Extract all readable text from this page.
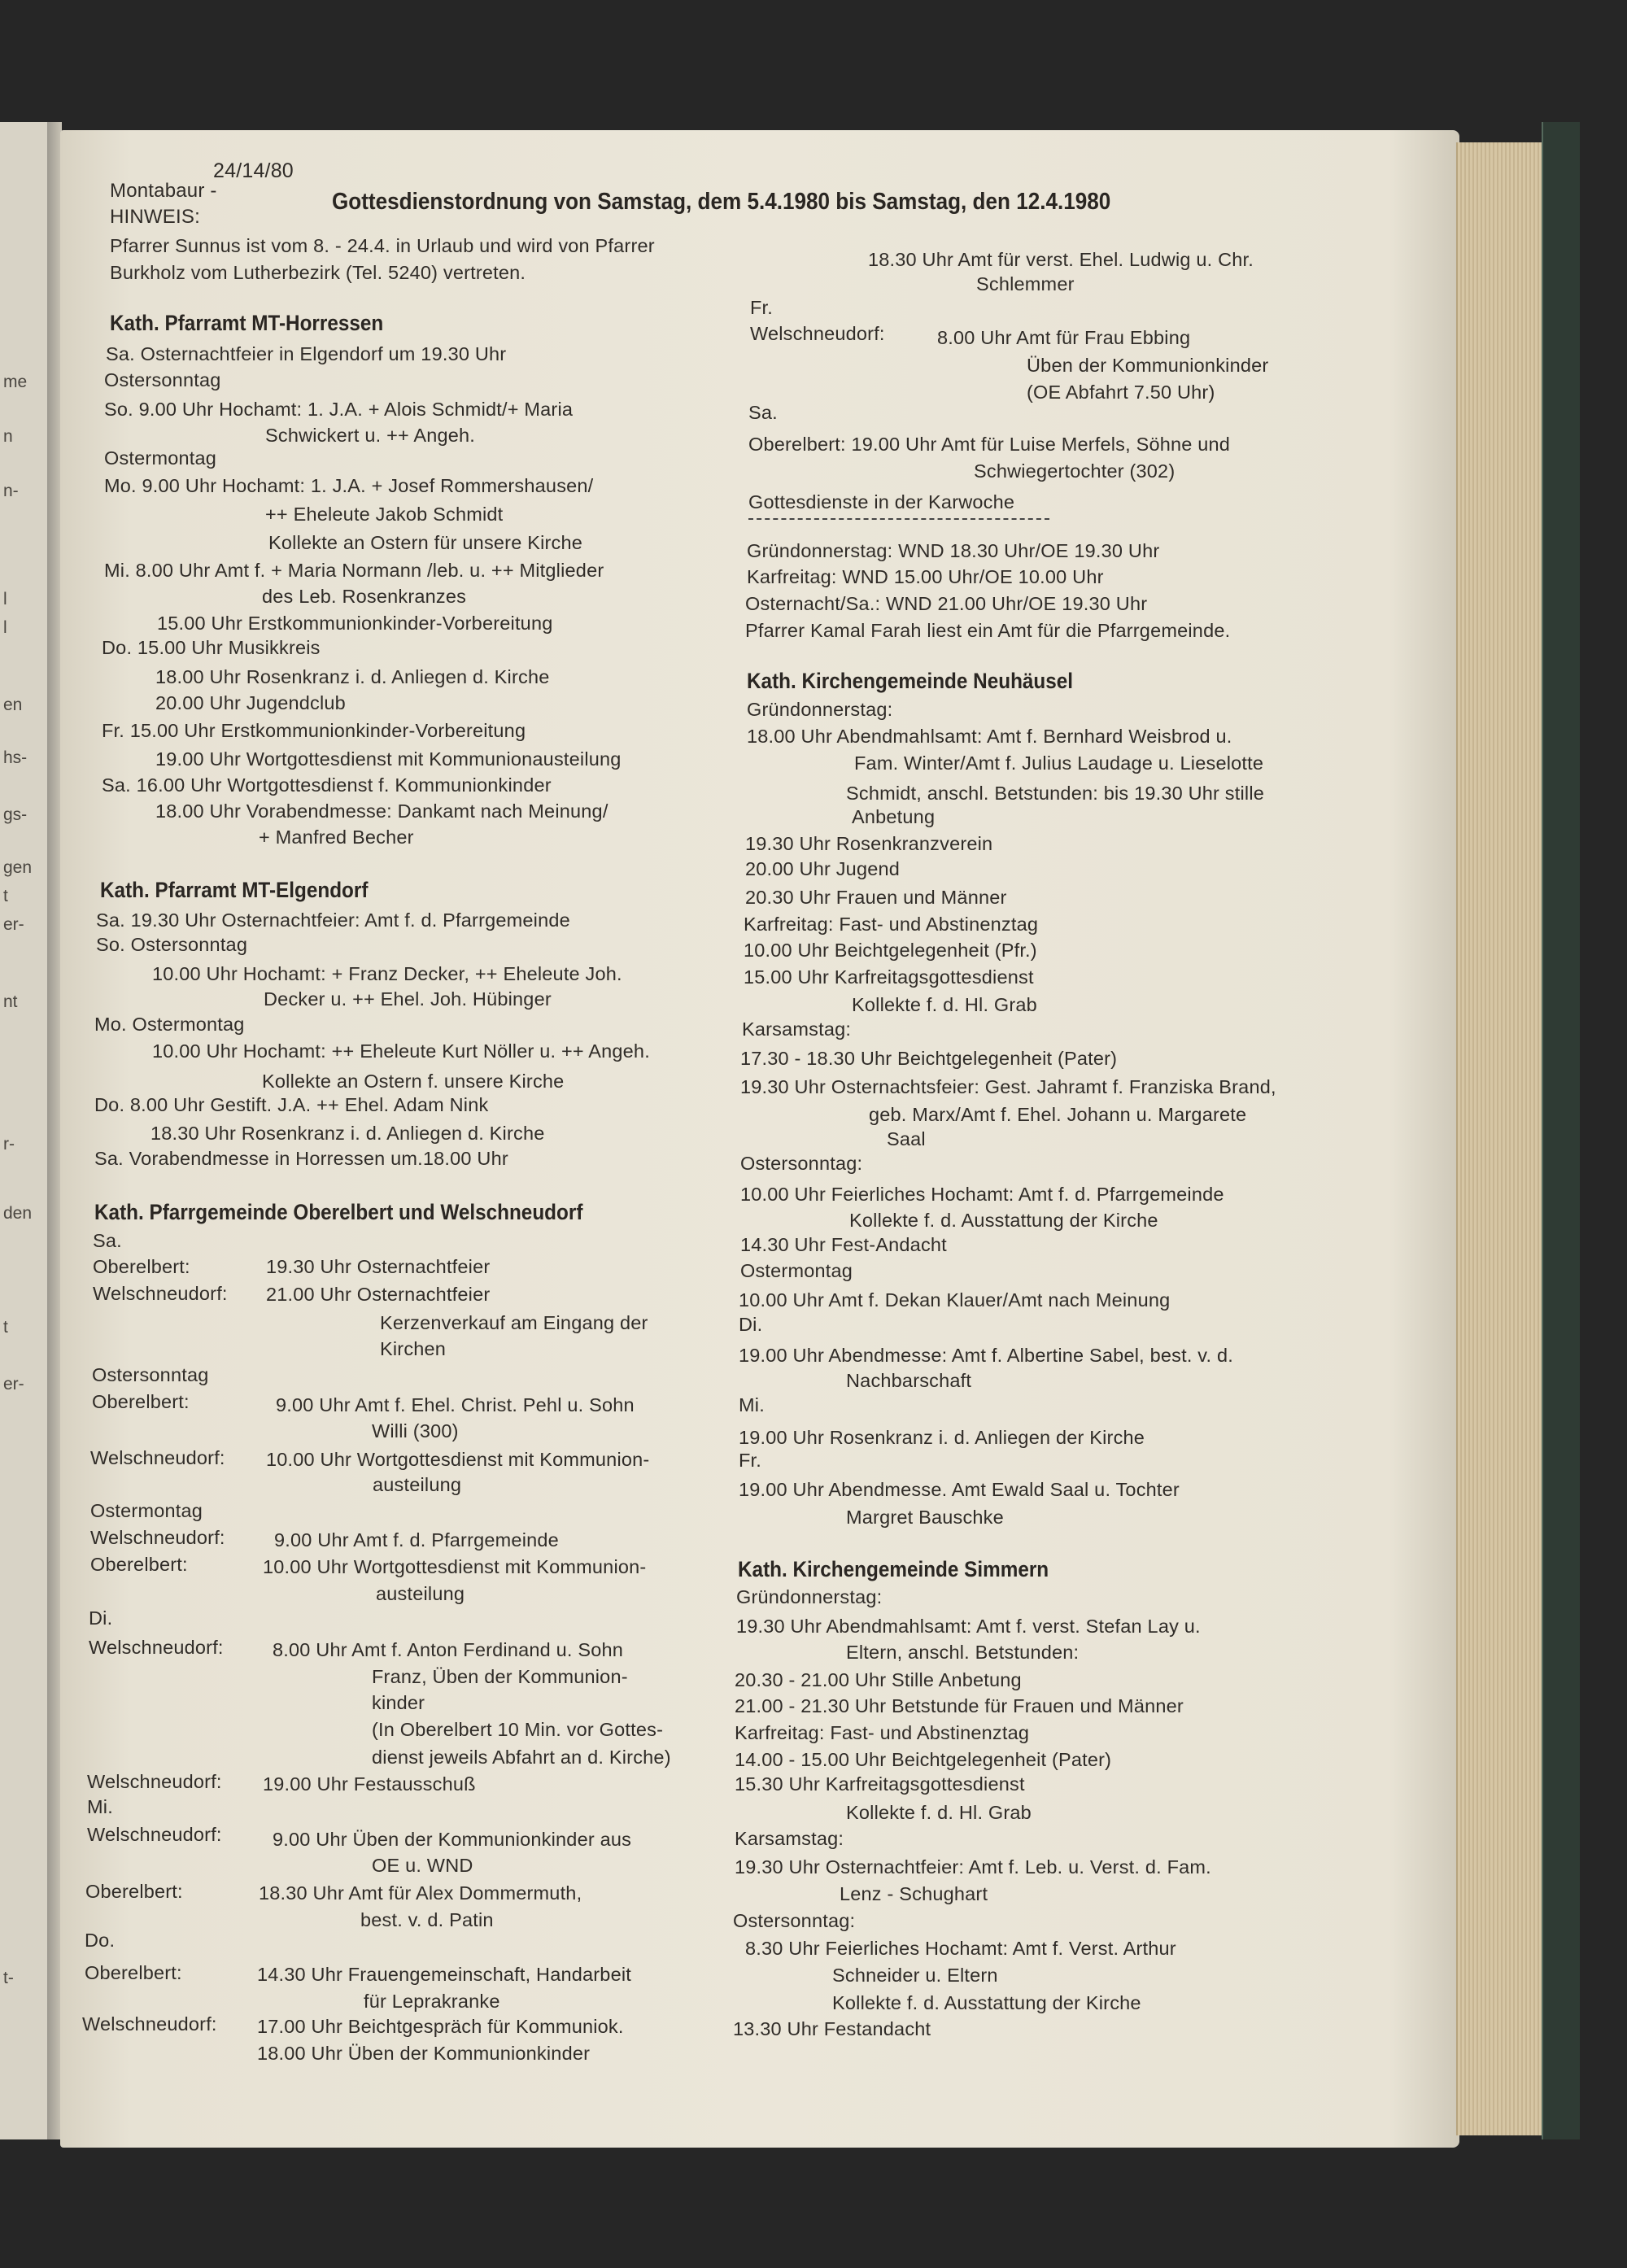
me
n
n-
l
l
en
hs-
gs-
gen
t
er-
nt
r-
den
t
er-
t-
24/14/80
Montabaur -	Gottesdienstordnung von Samstag, dem 5.4.1980 bis Samstag, den 12.4.1980
HINWEIS:
Pfarrer Sunnus ist vom 8. - 24.4. in Urlaub und wird von Pfarrer
Burkholz vom Lutherbezirk (Tel. 5240) vertreten.
Kath. Pfarramt MT-Horressen
Sa. Osternachtfeier in Elgendorf um 19.30 Uhr
Ostersonntag
So. 9.00 Uhr Hochamt: 1. J.A. + Alois Schmidt/+ Maria
Schwickert u. ++ Angeh.
Ostermontag
Mo. 9.00 Uhr Hochamt: 1. J.A. + Josef Rommershausen/
++ Eheleute Jakob Schmidt
Kollekte an Ostern für unsere Kirche
Mi. 8.00 Uhr Amt f. + Maria Normann /leb. u. ++ Mitglieder
des Leb. Rosenkranzes
15.00 Uhr Erstkommunionkinder-Vorbereitung
Do. 15.00 Uhr Musikkreis
18.00 Uhr Rosenkranz i. d. Anliegen d. Kirche
20.00 Uhr Jugendclub
Fr. 15.00 Uhr Erstkommunionkinder-Vorbereitung
19.00 Uhr Wortgottesdienst mit Kommunionausteilung
Sa. 16.00 Uhr Wortgottesdienst f. Kommunionkinder
18.00 Uhr Vorabendmesse: Dankamt nach Meinung/
+ Manfred Becher
Kath. Pfarramt MT-Elgendorf
Sa. 19.30 Uhr Osternachtfeier: Amt f. d. Pfarrgemeinde
So. Ostersonntag
10.00 Uhr Hochamt: + Franz Decker, ++ Eheleute Joh.
Decker u. ++ Ehel. Joh. Hübinger
Mo. Ostermontag
10.00 Uhr Hochamt: ++ Eheleute Kurt Nöller u. ++ Angeh.
Kollekte an Ostern f. unsere Kirche
Do. 8.00 Uhr Gestift. J.A. ++ Ehel. Adam Nink
18.30 Uhr Rosenkranz i. d. Anliegen d. Kirche
Sa. Vorabendmesse in Horressen um.18.00 Uhr
Kath. Pfarrgemeinde Oberelbert und Welschneudorf
Sa.
Oberelbert:	19.30 Uhr Osternachtfeier
Welschneudorf: 21.00 Uhr Osternachtfeier
Kerzenverkauf am Eingang der
Kirchen
Ostersonntag
Oberelbert:	9.00 Uhr Amt f. Ehel. Christ. Pehl u. Sohn
Willi (300)
Welschneudorf: 10.00 Uhr Wortgottesdienst mit Kommunion-
austeilung
Ostermontag
Welschneudorf:	9.00 Uhr Amt f. d. Pfarrgemeinde
Oberelbert:	10.00 Uhr Wortgottesdienst mit Kommunion-
austeilung
Di.
Welschneudorf:	8.00 Uhr Amt f. Anton Ferdinand u. Sohn
Franz, Üben der Kommunion-
kinder
(In Oberelbert 10 Min. vor Gottes-
dienst jeweils Abfahrt an d. Kirche)
Welschneudorf: 19.00 Uhr Festausschuß
Mi.
Welschneudorf:	9.00 Uhr Üben der Kommunionkinder aus
OE u. WND
Oberelbert:	18.30 Uhr Amt für Alex Dommermuth,
best. v. d. Patin
Do.
Oberelbert:	14.30 Uhr Frauengemeinschaft, Handarbeit
für Leprakranke
Welschneudorf: 17.00 Uhr Beichtgespräch für Kommuniok.
18.00 Uhr Üben der Kommunionkinder
18.30 Uhr Amt für verst. Ehel. Ludwig u. Chr.
Schlemmer
Fr.
Welschneudorf:	8.00 Uhr Amt für Frau Ebbing
Üben der Kommunionkinder
(OE Abfahrt 7.50 Uhr)
Sa.
Oberelbert: 19.00 Uhr Amt für Luise Merfels, Söhne und
Schwiegertochter (302)
Gottesdienste in der Karwoche
Gründonnerstag: WND 18.30 Uhr/OE 19.30 Uhr
Karfreitag: WND 15.00 Uhr/OE 10.00 Uhr
Osternacht/Sa.: WND 21.00 Uhr/OE 19.30 Uhr
Pfarrer Kamal Farah liest ein Amt für die Pfarrgemeinde.
Kath. Kirchengemeinde Neuhäusel
Gründonnerstag:
18.00 Uhr Abendmahlsamt: Amt f. Bernhard Weisbrod u.
Fam. Winter/Amt f. Julius Laudage u. Lieselotte
Schmidt, anschl. Betstunden: bis 19.30 Uhr stille
Anbetung
19.30 Uhr Rosenkranzverein
20.00 Uhr Jugend
20.30 Uhr Frauen und Männer
Karfreitag: Fast- und Abstinenztag
10.00 Uhr Beichtgelegenheit (Pfr.)
15.00 Uhr Karfreitagsgottesdienst
Kollekte f. d. Hl. Grab
Karsamstag:
17.30 - 18.30 Uhr Beichtgelegenheit (Pater)
19.30 Uhr Osternachtsfeier: Gest. Jahramt f. Franziska Brand,
geb. Marx/Amt f. Ehel. Johann u. Margarete
Saal
Ostersonntag:
10.00 Uhr Feierliches Hochamt: Amt f. d. Pfarrgemeinde
Kollekte f. d. Ausstattung der Kirche
14.30 Uhr Fest-Andacht
Ostermontag
10.00 Uhr Amt f. Dekan Klauer/Amt nach Meinung
Di.
19.00 Uhr Abendmesse: Amt f. Albertine Sabel, best. v. d.
Nachbarschaft
Mi.
19.00 Uhr Rosenkranz i. d. Anliegen der Kirche
Fr.
19.00 Uhr Abendmesse. Amt Ewald Saal u. Tochter
Margret Bauschke
Kath. Kirchengemeinde Simmern
Gründonnerstag:
19.30 Uhr Abendmahlsamt: Amt f. verst. Stefan Lay u.
Eltern, anschl. Betstunden:
20.30 - 21.00 Uhr Stille Anbetung
21.00 - 21.30 Uhr Betstunde für Frauen und Männer
Karfreitag: Fast- und Abstinenztag
14.00 - 15.00 Uhr Beichtgelegenheit (Pater)
15.30 Uhr Karfreitagsgottesdienst
Kollekte f. d. Hl. Grab
Karsamstag:
19.30 Uhr Osternachtfeier: Amt f. Leb. u. Verst. d. Fam.
Lenz - Schughart
Ostersonntag:
8.30 Uhr Feierliches Hochamt: Amt f. Verst. Arthur
Schneider u. Eltern
Kollekte f. d. Ausstattung der Kirche
13.30 Uhr Festandacht
